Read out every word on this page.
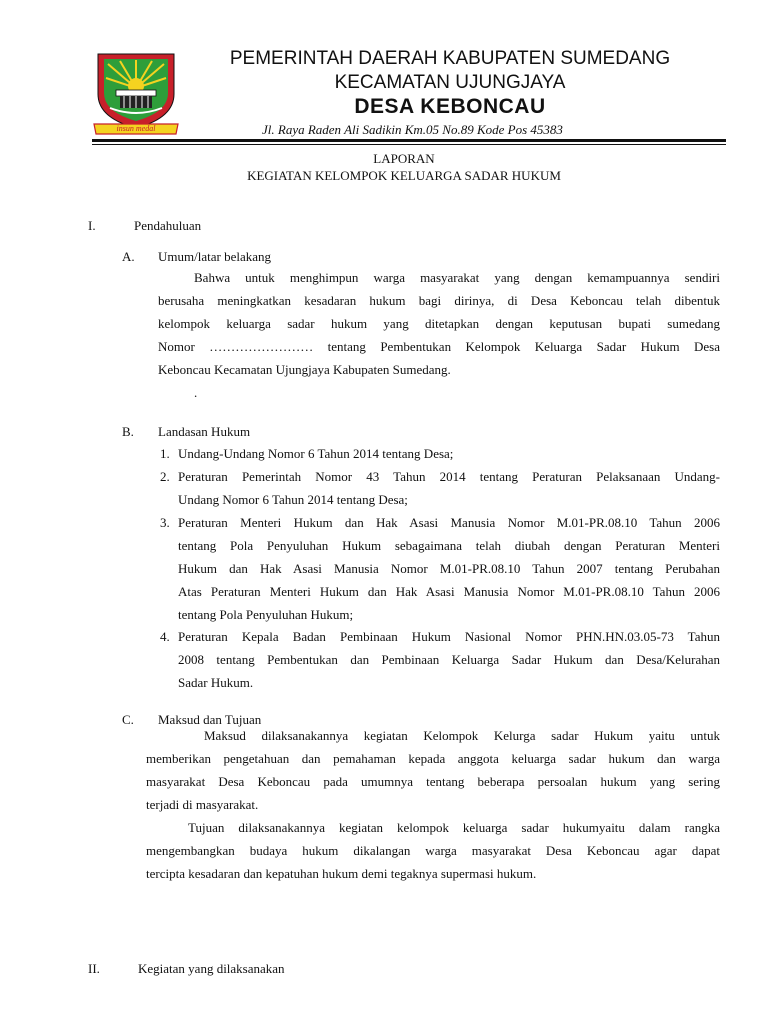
insun medal
PEMERINTAH DAERAH KABUPATEN SUMEDANG
KECAMATAN UJUNGJAYA
DESA KEBONCAU
Jl. Raya Raden Ali Sadikin Km.05 No.89 Kode Pos 45383
LAPORAN
KEGIATAN KELOMPOK KELUARGA SADAR HUKUM
I.	Pendahuluan
A. Umum/latar belakang
Bahwa untuk menghimpun warga masyarakat yang dengan kemampuannya sendiri
berusaha meningkatkan kesadaran hukum bagi dirinya, di Desa Keboncau telah dibentuk
kelompok keluarga sadar hukum yang ditetapkan dengan keputusan bupati sumedang
Nomor …………………… tentang Pembentukan Kelompok Keluarga Sadar Hukum Desa
Keboncau Kecamatan Ujungjaya Kabupaten Sumedang.
.
B. Landasan Hukum
1. Undang-Undang Nomor 6 Tahun 2014 tentang Desa;
2. Peraturan Pemerintah Nomor 43 Tahun 2014 tentang Peraturan Pelaksanaan Undang-
Undang Nomor 6 Tahun 2014 tentang Desa;
3. Peraturan Menteri Hukum dan Hak Asasi Manusia Nomor M.01-PR.08.10 Tahun 2006
tentang Pola Penyuluhan Hukum sebagaimana telah diubah dengan Peraturan Menteri
Hukum dan Hak Asasi Manusia Nomor M.01-PR.08.10 Tahun 2007 tentang Perubahan
Atas Peraturan Menteri Hukum dan Hak Asasi Manusia Nomor M.01-PR.08.10 Tahun 2006
tentang Pola Penyuluhan Hukum;
4. Peraturan Kepala Badan Pembinaan Hukum Nasional Nomor PHN.HN.03.05-73 Tahun
2008 tentang Pembentukan dan Pembinaan Keluarga Sadar Hukum dan Desa/Kelurahan
Sadar Hukum.
C. Maksud dan Tujuan
Maksud dilaksanakannya kegiatan Kelompok Kelurga sadar Hukum yaitu untuk
memberikan pengetahuan dan pemahaman kepada anggota keluarga sadar hukum dan warga
masyarakat Desa Keboncau pada umumnya tentang beberapa persoalan hukum yang sering
terjadi di masyarakat.
Tujuan dilaksanakannya kegiatan kelompok keluarga sadar hukumyaitu dalam rangka
mengembangkan budaya hukum dikalangan warga masyarakat Desa Keboncau agar dapat
tercipta kesadaran dan kepatuhan hukum demi tegaknya supermasi hukum.
II.	Kegiatan yang dilaksanakan
